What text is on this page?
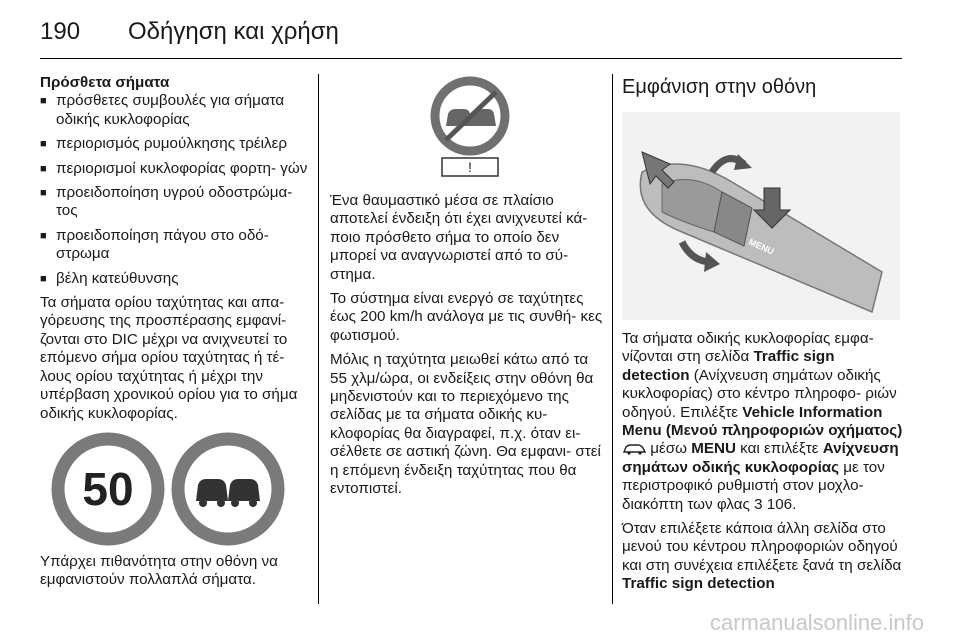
190 Οδήγηση και χρήση

Πρόσθετα σήματα

■ πρόσθετες συμβουλές για σήματα οδικής κυκλοφορίας
■ περιορισμός ρυμούλκησης τρέιλερ
■ περιορισμοί κυκλοφορίας φορτη- γών
■ προειδοποίηση υγρού οδοστρώμα- τος
■ προειδοποίηση πάγου στο οδό- στρωμα
■ βέλη κατεύθυνσης

Τα σήματα ορίου ταχύτητας και απα- γόρευσης της προσπέρασης εμφανί- ζονται στο DIC μέχρι να ανιχνευτεί το επόμενο σήμα ορίου ταχύτητας ή τέ- λους ορίου ταχύτητας ή μέχρι την υπέρβαση χρονικού ορίου για το σήμα οδικής κυκλοφορίας.

50

Υπάρχει πιθανότητα στην οθόνη να εμφανιστούν πολλαπλά σήματα.

!

Ένα θαυμαστικό μέσα σε πλαίσιο αποτελεί ένδειξη ότι έχει ανιχνευτεί κά- ποιο πρόσθετο σήμα το οποίο δεν μπορεί να αναγνωριστεί από το σύ- στημα.

Το σύστημα είναι ενεργό σε ταχύτητες έως 200 km/h ανάλογα με τις συνθή- κες φωτισμού.

Μόλις η ταχύτητα μειωθεί κάτω από τα 55 χλμ/ώρα, οι ενδείξεις στην οθόνη θα μηδενιστούν και το περιεχόμενο της σελίδας με τα σήματα οδικής κυ- κλοφορίας θα διαγραφεί, π.χ. όταν ει- σέλθετε σε αστική ζώνη. Θα εμφανι- στεί η επόμενη ένδειξη ταχύτητας που θα εντοπιστεί.

Εμφάνιση στην οθόνη

MENU

Τα σήματα οδικής κυκλοφορίας εμφα- νίζονται στη σελίδα Traffic sign detection (Ανίχνευση σημάτων οδικής κυκλοφορίας) στο κέντρο πληροφο- ριών οδηγού. Επιλέξτε Vehicle Information Menu (Μενού πληροφοριών οχήματος)  μέσω MENU και επιλέξτε Ανίχνευση σημάτων οδικής κυκλοφορίας με τον περιστροφικό ρυθμιστή στον μοχλο- διακόπτη των φλας 3 106.

Όταν επιλέξετε κάποια άλλη σελίδα στο μενού του κέντρου πληροφοριών οδηγού και στη συνέχεια επιλέξετε ξανά τη σελίδα Traffic sign detection

carmanualsonline.info
